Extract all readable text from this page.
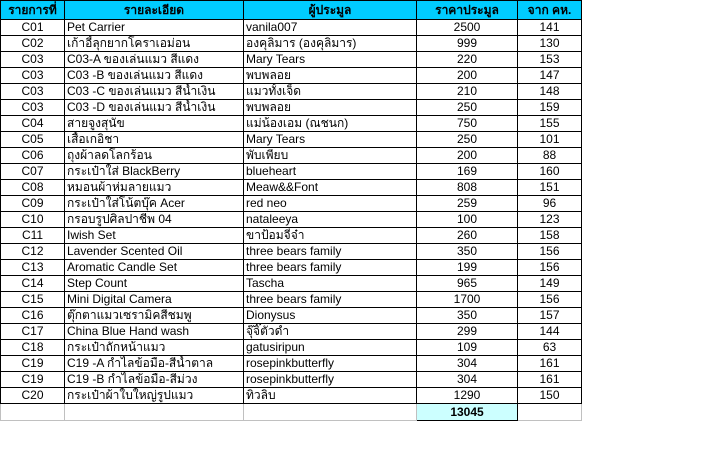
รายการที่	รายละเอียด	ผู้ประมูล	ราคาประมูล	จาก คห.
C01	Pet Carrier	vanila007	2500	141
C02	เก้าอี้ลุกยากโคราเอม่อน	องคุลิมาร (องคุลิมาร)	999	130
C03	C03-A ของเล่นแมว สีแดง	Mary Tears	220	153
C03	C03 -B ของเล่นแมว สีแดง	พบพลอย	200	147
C03	C03 -C ของเล่นแมว สีน้ำเงิน	แมวทั้งเจ็ด	210	148
C03	C03 -D ของเล่นแมว สีน้ำเงิน	พบพลอย	250	159
C04	สายจูงสุนัข	แม่น้องเอม (ณชนก)	750	155
C05	เสื้อเกอิชา	Mary Tears	250	101
C06	ถุงผ้าลดโลกร้อน	พับเพียบ	200	88
C07	กระเป๋าใส่ BlackBerry	blueheart	169	160
C08	หมอนผ้าห่มลายแมว	Meaw&&Font	808	151
C09	กระเป๋าใส่โน้ตบุ๊ค Acer	red neo	259	96
C10	กรอบรูปศิลปาชีพ 04	nataleeya	100	123
C11	Iwish Set	ขาป้อมจี๋จ๋า	260	158
C12	Lavender Scented Oil	three bears family	350	156
C13	Aromatic Candle Set	three bears family	199	156
C14	Step Count	Tascha	965	149
C15	Mini Digital Camera	three bears family	1700	156
C16	ตุ๊กตาแมวเซรามิคสีชมพู	Dionysus	350	157
C17	China Blue Hand wash	จุ๊จิ๊ตัวดำ	299	144
C18	กระเป๋าถักหน้าแมว	gatusiripun	109	63
C19	C19 -A กำไลข้อมือ-สีน้ำตาล	rosepinkbutterfly	304	161
C19	C19 -B กำไลข้อมือ-สีม่วง	rosepinkbutterfly	304	161
C20	กระเป๋าผ้าใบใหญ่รูปแมว	ทิวลิบ	1290	150
			13045	
